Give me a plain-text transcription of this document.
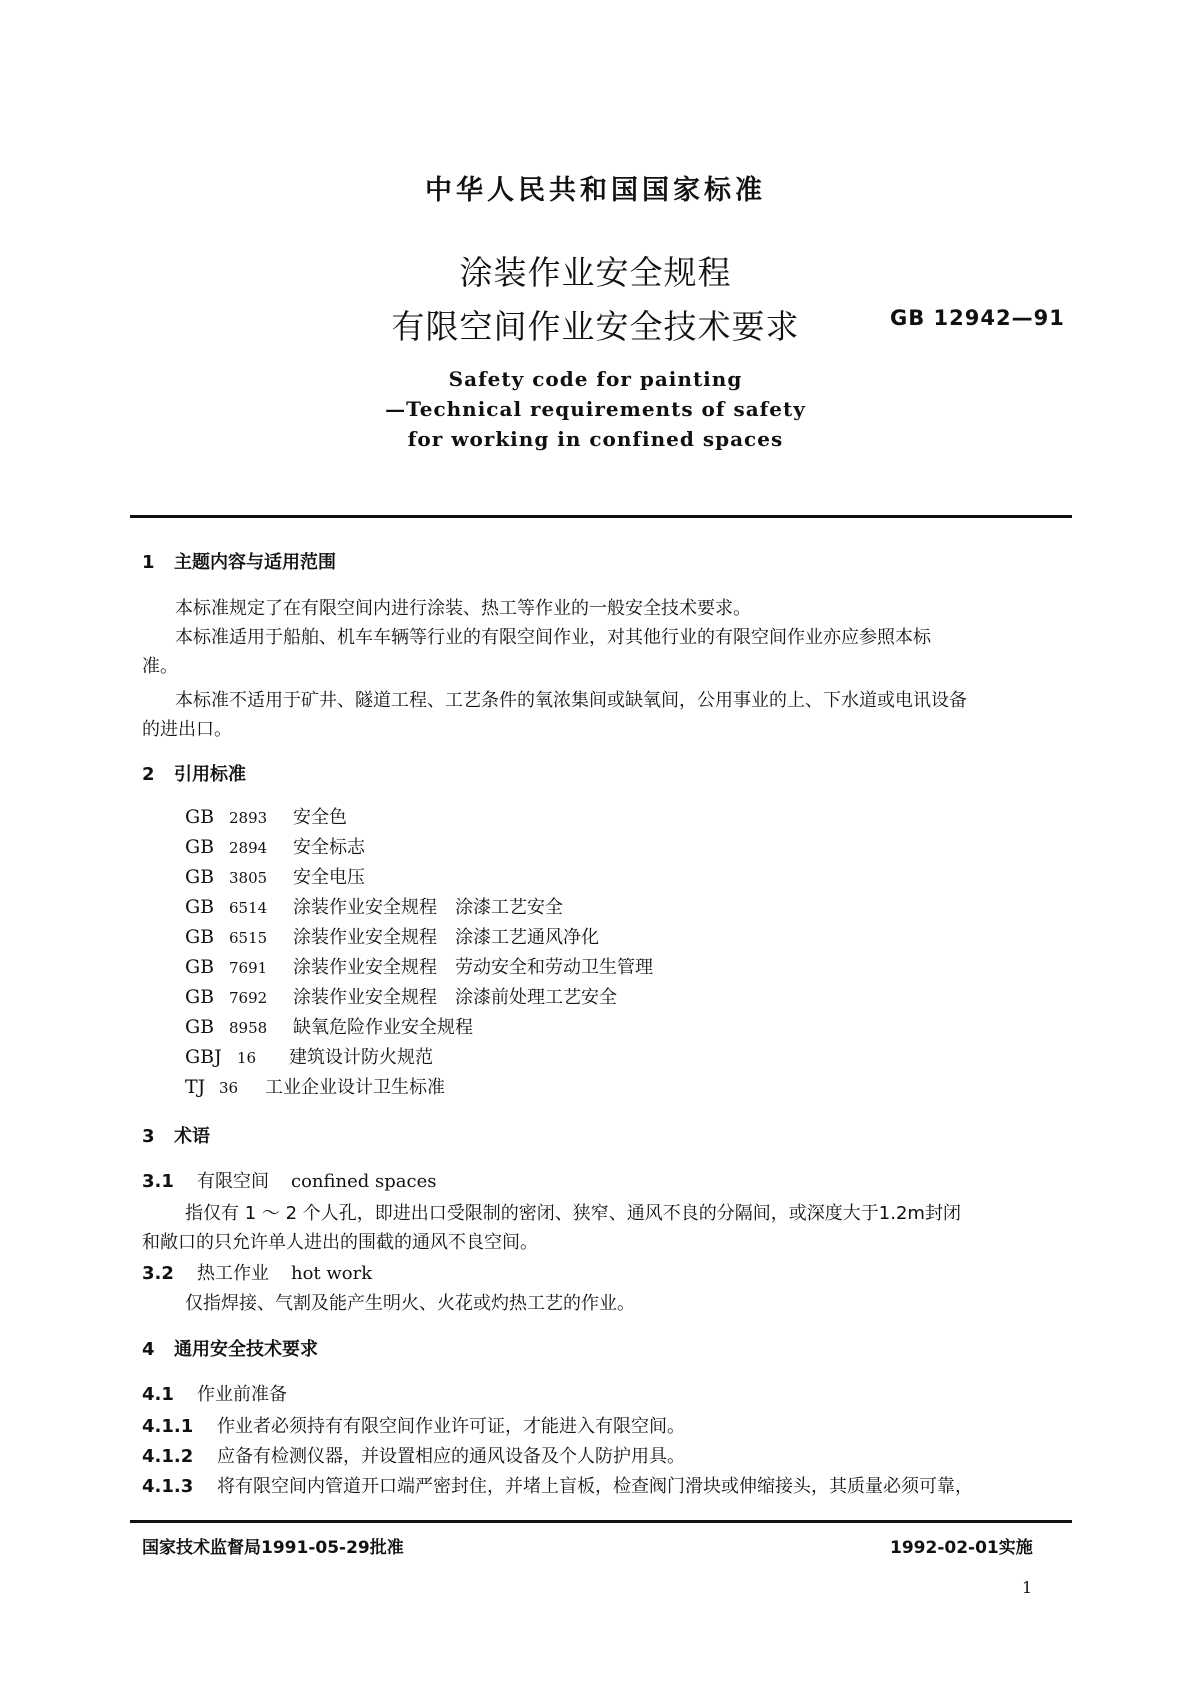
中华人民共和国国家标准
涂装作业安全规程
有限空间作业安全技术要求	GB 12942—91
Safety code for painting
—Technical requirements of safety
for working in confined spaces
1 主题内容与适用范围
本标准规定了在有限空间内进行涂装、热工等作业的一般安全技术要求。
本标准适用于船舶、机车车辆等行业的有限空间作业，对其他行业的有限空间作业亦应参照本标
准。
本标准不适用于矿井、隧道工程、工艺条件的氧浓集间或缺氧间，公用事业的上、下水道或电讯设备
的进出口。
2 引用标准
GB 2893 安全色
GB 2894 安全标志
GB 3805 安全电压
GB 6514 涂装作业安全规程　涂漆工艺安全
GB 6515 涂装作业安全规程　涂漆工艺通风净化
GB 7691 涂装作业安全规程　劳动安全和劳动卫生管理
GB 7692 涂装作业安全规程　涂漆前处理工艺安全
GB 8958 缺氧危险作业安全规程
GBJ 16 建筑设计防火规范
TJ 36 工业企业设计卫生标准
3 术语
3.1 有限空间 confined spaces
指仅有 1 ～ 2 个人孔，即进出口受限制的密闭、狭窄、通风不良的分隔间，或深度大于1.2m封闭
和敞口的只允许单人进出的围截的通风不良空间。
3.2 热工作业 hot work
仅指焊接、气割及能产生明火、火花或灼热工艺的作业。
4 通用安全技术要求
4.1 作业前准备
4.1.1 作业者必须持有有限空间作业许可证，才能进入有限空间。
4.1.2 应备有检测仪器，并设置相应的通风设备及个人防护用具。
4.1.3 将有限空间内管道开口端严密封住，并堵上盲板，检查阀门滑块或伸缩接头，其质量必须可靠，
国家技术监督局1991-05-29批准	1992-02-01实施
1
